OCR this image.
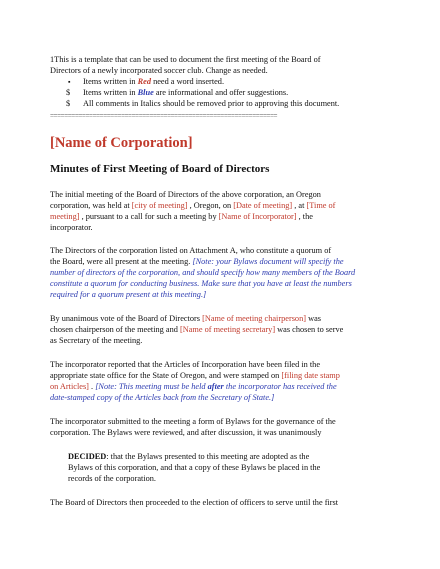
1This is a template that can be used to document the first meeting of the Board of
Directors of a newly incorporated soccer club. Change as needed.
▪ Items written in Red need a word inserted.
$ Items written in Blue are informational and offer suggestions.
$ All comments in Italics should be removed prior to approving this document.
================================================================
[Name of Corporation]
Minutes of First Meeting of Board of Directors
The initial meeting of the Board of Directors of the above corporation, an Oregon
corporation, was held at [city of meeting] , Oregon, on [Date of meeting] , at [Time of
meeting] , pursuant to a call for such a meeting by [Name of Incorporator] , the
incorporator.
The Directors of the corporation listed on Attachment A, who constitute a quorum of
the Board, were all present at the meeting. [Note: your Bylaws document will specify the
number of directors of the corporation, and should specify how many members of the Board
constitute a quorum for conducting business. Make sure that you have at least the numbers
required for a quorum present at this meeting.]
By unanimous vote of the Board of Directors [Name of meeting chairperson] was
chosen chairperson of the meeting and [Name of meeting secretary] was chosen to serve
as Secretary of the meeting.
The incorporator reported that the Articles of Incorporation have been filed in the
appropriate state office for the State of Oregon, and were stamped on [filing date stamp
on Articles] . [Note: This meeting must be held after the incorporator has received the
date-stamped copy of the Articles back from the Secretary of State.]
The incorporator submitted to the meeting a form of Bylaws for the governance of the
corporation. The Bylaws were reviewed, and after discussion, it was unanimously
DECIDED: that the Bylaws presented to this meeting are adopted as the
Bylaws of this corporation, and that a copy of these Bylaws be placed in the
records of the corporation.
The Board of Directors then proceeded to the election of officers to serve until the first
